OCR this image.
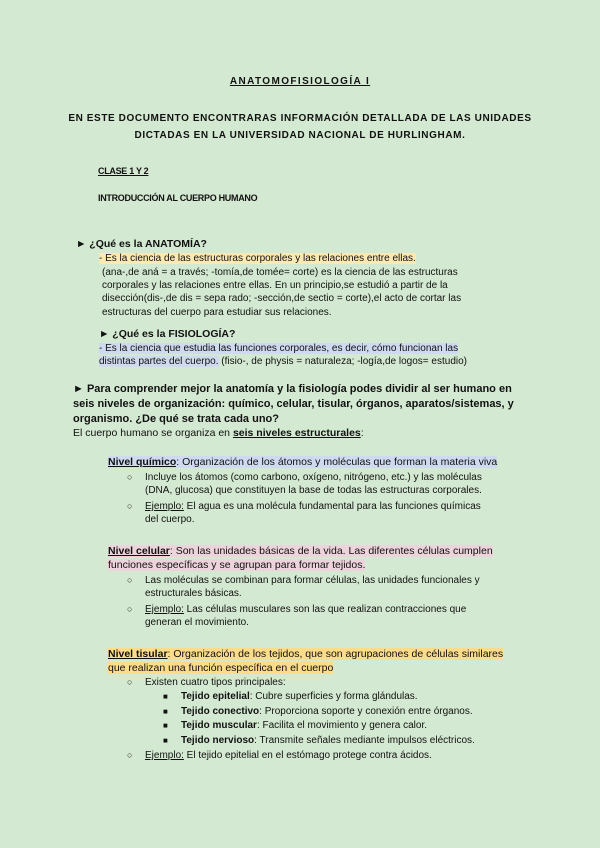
ANATOMOFISIOLOGÍA I
EN ESTE DOCUMENTO ENCONTRARAS INFORMACIÓN DETALLADA DE LAS UNIDADES
DICTADAS EN LA UNIVERSIDAD NACIONAL DE HURLINGHAM.
CLASE 1 Y 2
INTRODUCCIÓN AL CUERPO HUMANO
► ¿Qué es la ANATOMÍA?
- Es la ciencia de las estructuras corporales y las relaciones entre ellas.
(ana-,de aná = a través; -tomía,de tomée= corte) es la ciencia de las estructuras
corporales y las relaciones entre ellas. En un principio,se estudió a partir de la
disección(dis-,de dis = sepa rado; -sección,de sectio = corte),el acto de cortar las
estructuras del cuerpo para estudiar sus relaciones.
► ¿Qué es la FISIOLOGÍA?
- Es la ciencia que estudia las funciones corporales, es decir, cómo funcionan las
distintas partes del cuerpo. (fisio-, de physis = naturaleza; -logía,de logos= estudio)
► Para comprender mejor la anatomía y la fisiología podes dividir al ser humano en
seis niveles de organización: químico, celular, tisular, órganos, aparatos/sistemas, y
organismo. ¿De qué se trata cada uno?
El cuerpo humano se organiza en seis niveles estructurales:
Nivel químico: Organización de los átomos y moléculas que forman la materia viva
○ Incluye los átomos (como carbono, oxígeno, nitrógeno, etc.) y las moléculas
(DNA, glucosa) que constituyen la base de todas las estructuras corporales.
○ Ejemplo: El agua es una molécula fundamental para las funciones químicas
del cuerpo.
Nivel celular: Son las unidades básicas de la vida. Las diferentes células cumplen
funciones específicas y se agrupan para formar tejidos.
○ Las moléculas se combinan para formar células, las unidades funcionales y
estructurales básicas.
○ Ejemplo: Las células musculares son las que realizan contracciones que
generan el movimiento.
Nivel tisular: Organización de los tejidos, que son agrupaciones de células similares
que realizan una función específica en el cuerpo
○ Existen cuatro tipos principales:
■ Tejido epitelial: Cubre superficies y forma glándulas.
■ Tejido conectivo: Proporciona soporte y conexión entre órganos.
■ Tejido muscular: Facilita el movimiento y genera calor.
■ Tejido nervioso: Transmite señales mediante impulsos eléctricos.
○ Ejemplo: El tejido epitelial en el estómago protege contra ácidos.
